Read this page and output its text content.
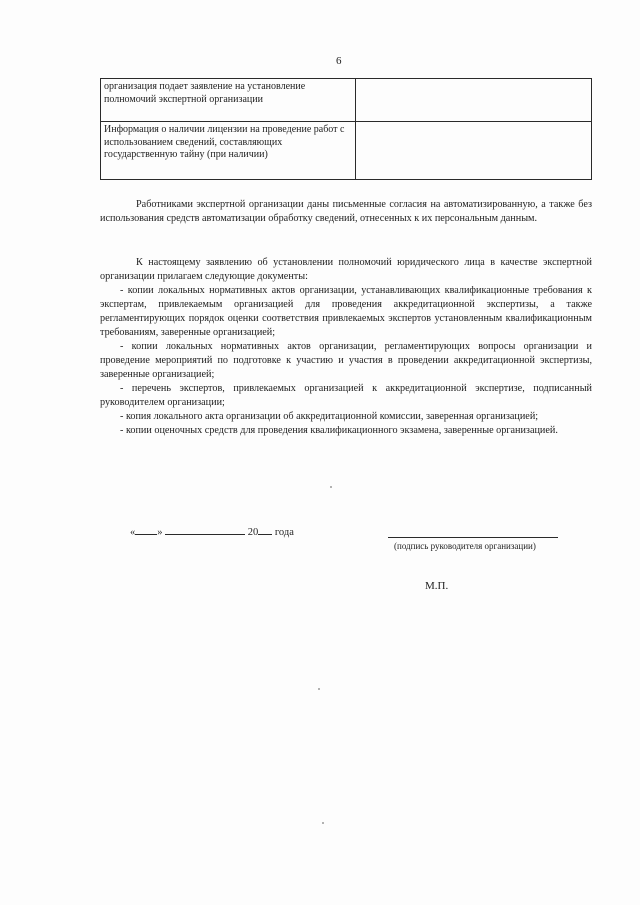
6
организация подает заявление на установление полномочий экспертной организации	
Информация о наличии лицензии на проведение работ с использованием сведений, составляющих государственную тайну (при наличии)	

Работниками экспертной организации даны письменные согласия на автоматизированную, а также без использования средств автоматизации обработку сведений, отнесенных к их персональным данным.

К настоящему заявлению об установлении полномочий юридического лица в качестве экспертной организации прилагаем следующие документы:

- копии локальных нормативных актов организации, устанавливающих квалификационные требования к экспертам, привлекаемым организацией для проведения аккредитационной экспертизы, а также регламентирующих порядок оценки соответствия привлекаемых экспертов установленным квалификационным требованиям, заверенные организацией;
- копии локальных нормативных актов организации, регламентирующих вопросы организации и проведение мероприятий по подготовке к участию и участия в проведении аккредитационной экспертизы, заверенные организацией;
- перечень экспертов, привлекаемых организацией к аккредитационной экспертизе, подписанный руководителем организации;
- копия локального акта организации об аккредитационной комиссии, заверенная организацией;
- копии оценочных средств для проведения квалификационного экзамена, заверенные организацией.
« »	20 года
(подпись руководителя организации)
М.П.
